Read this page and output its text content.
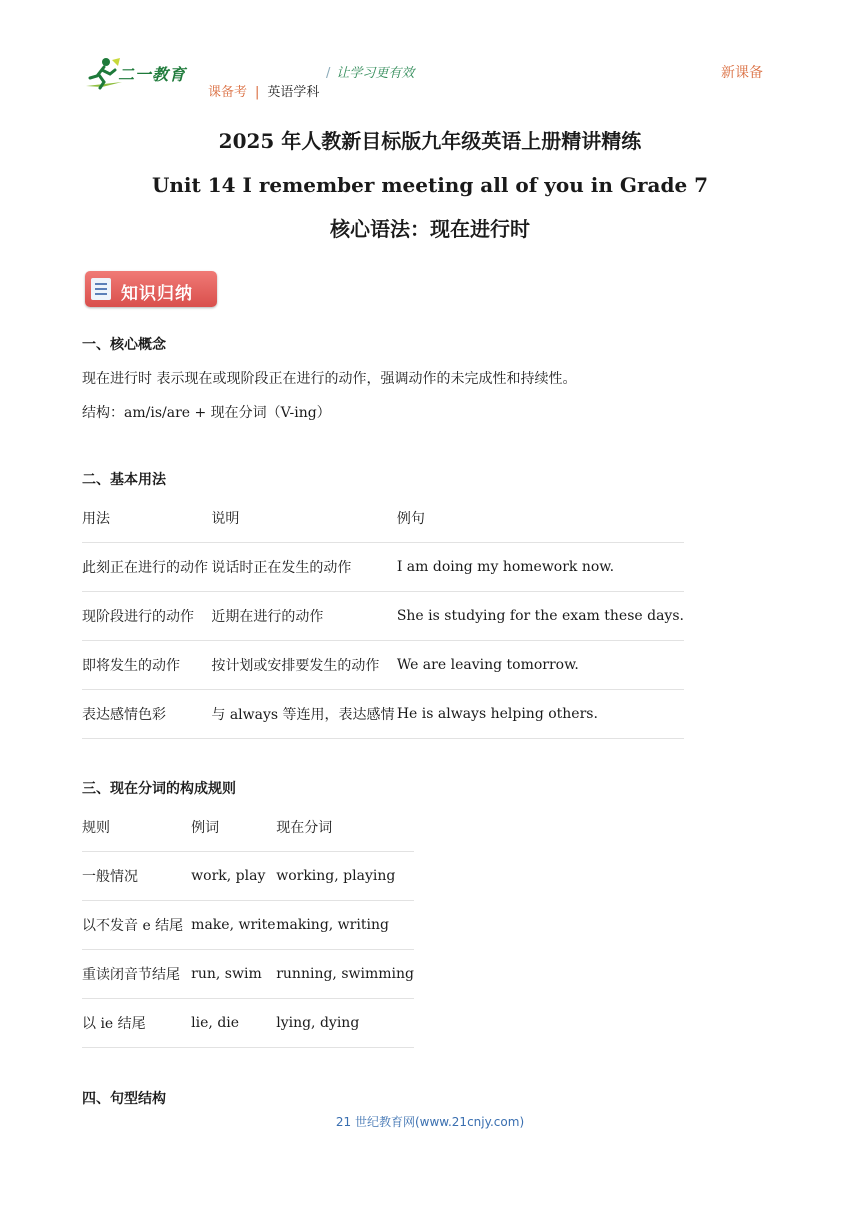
二一教育	/ 让学习更有效	新课备
课备考 | 英语学科
2025 年人教新目标版九年级英语上册精讲精练
Unit 14 I remember meeting all of you in Grade 7
核心语法：现在进行时
知识归纳
一、核心概念
现在进行时 表示现在或现阶段正在进行的动作，强调动作的未完成性和持续性。
结构：am/is/are + 现在分词（V-ing）
二、基本用法
用法	说明	例句
此刻正在进行的动作	说话时正在发生的动作	I am doing my homework now.
现阶段进行的动作	近期在进行的动作	She is studying for the exam these days.
即将发生的动作	按计划或安排要发生的动作	We are leaving tomorrow.
表达感情色彩	与 always 等连用，表达感情	He is always helping others.
三、现在分词的构成规则
规则	例词	现在分词
一般情况	work, play	working, playing
以不发音 e 结尾	make, write	making, writing
重读闭音节结尾	run, swim	running, swimming
以 ie 结尾	lie, die	lying, dying
四、句型结构
21 世纪教育网(www.21cnjy.com)
